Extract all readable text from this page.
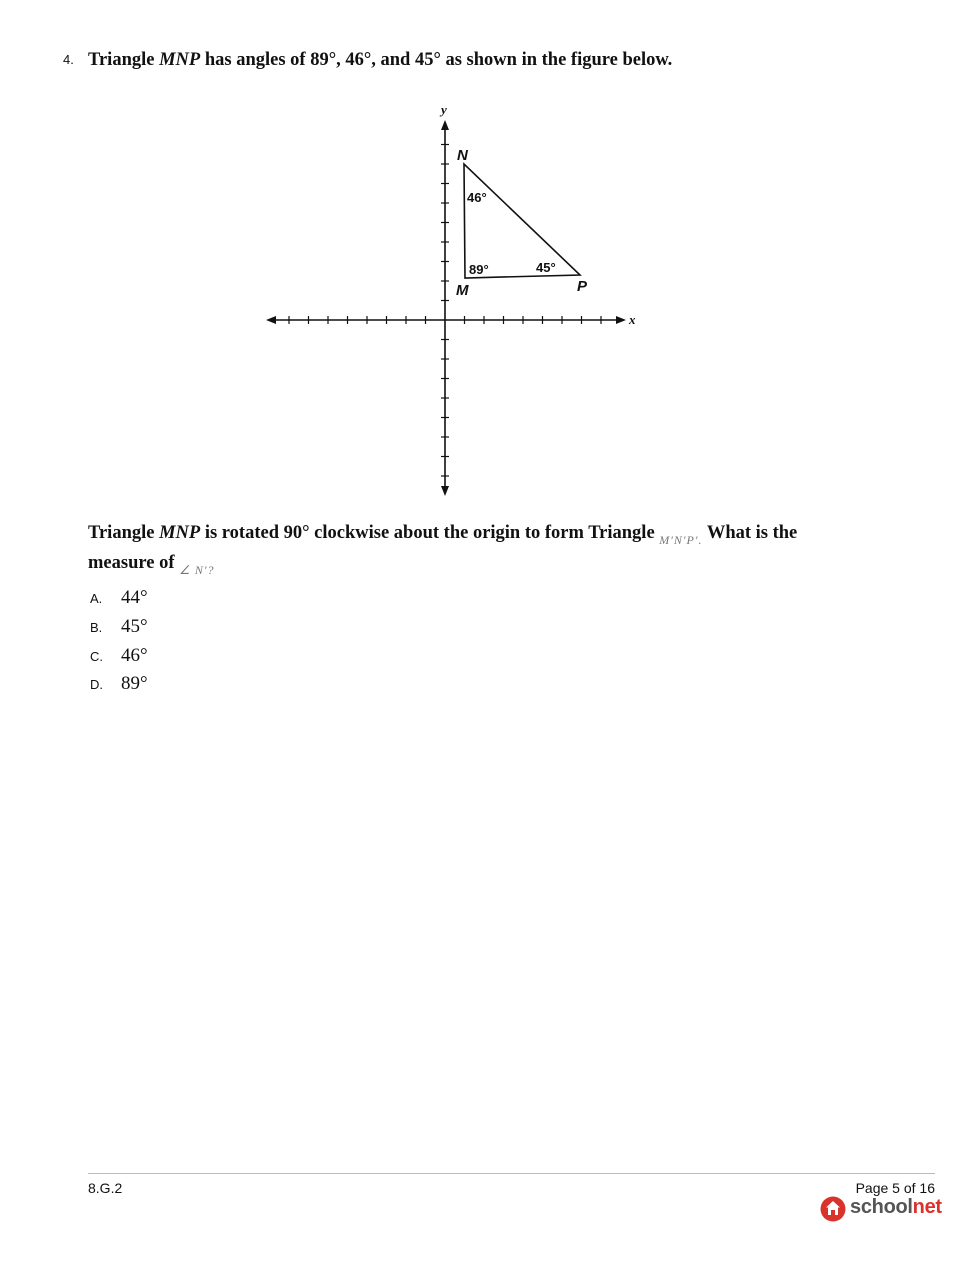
4. Triangle MNP has angles of 89°, 46°, and 45° as shown in the figure below.
N
M	P
46°
89°	45°
y
x
Triangle MNP is rotated 90° clockwise about the origin to form Triangle $_{M'N'P'.}$ What is the measure of $_{\angle N'?}$
A. 44°
B. 45°
C. 46°
D. 89°
8.G.2	Page 5 of 16
schoolnet
